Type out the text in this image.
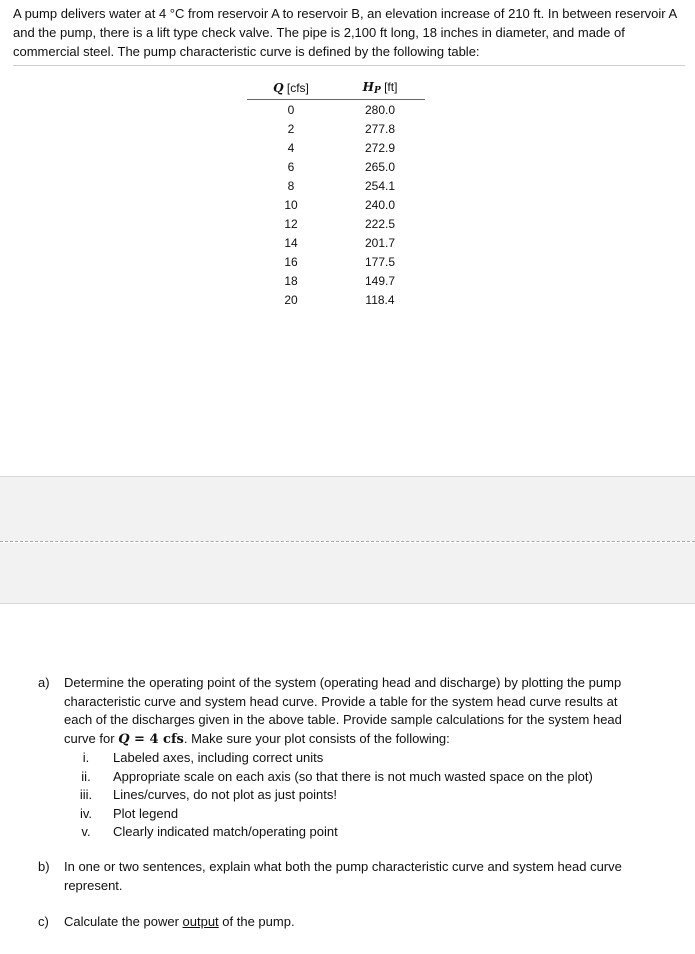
A pump delivers water at 4 °C from reservoir A to reservoir B, an elevation increase of 210 ft. In between reservoir A and the pump, there is a lift type check valve. The pipe is 2,100 ft long, 18 inches in diameter, and made of commercial steel. The pump characteristic curve is defined by the following table:

Q [cfs]	$H_P$ [ft]
0	280.0
2	277.8
4	272.9
6	265.0
8	254.1
10	240.0
12	222.5
14	201.7
16	177.5
18	149.7
20	118.4
a) Determine the operating point of the system (operating head and discharge) by plotting the pump characteristic curve and system head curve. Provide a table for the system head curve results at each of the discharges given in the above table. Provide sample calculations for the system head curve for Q = 4 cfs. Make sure your plot consists of the following:
i.	Labeled axes, including correct units
ii.	Appropriate scale on each axis (so that there is not much wasted space on the plot)
iii. Lines/curves, do not plot as just points!
iv.	Plot legend
v.	Clearly indicated match/operating point
b) In one or two sentences, explain what both the pump characteristic curve and system head curve represent.
c) Calculate the power output of the pump.
